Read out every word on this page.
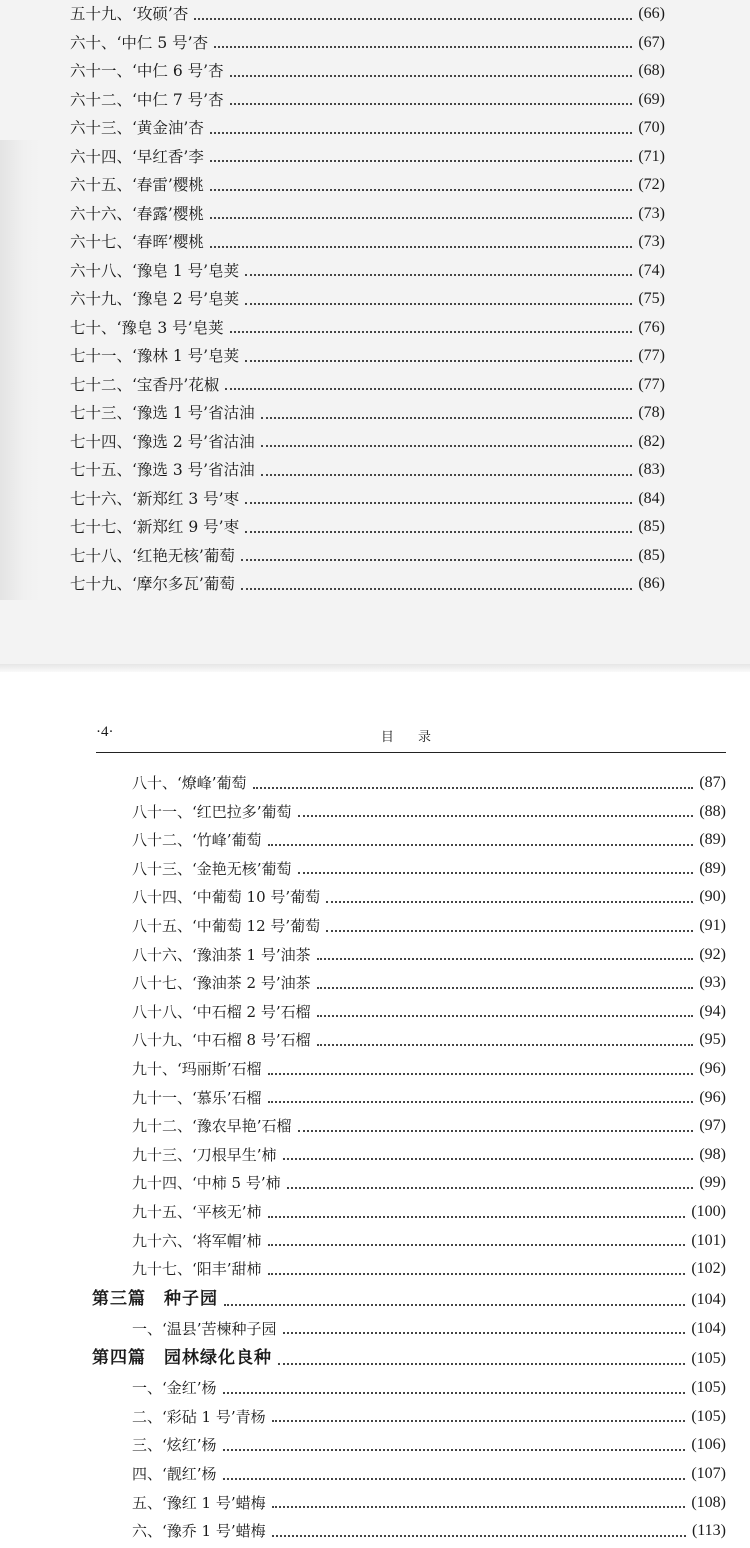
五十九、‘玫硕’杏	(66)
六十、‘中仁 5 号’杏	(67)
六十一、‘中仁 6 号’杏	(68)
六十二、‘中仁 7 号’杏	(69)
六十三、‘黄金油’杏	(70)
六十四、‘早红香’李	(71)
六十五、‘春雷’樱桃	(72)
六十六、‘春露’樱桃	(73)
六十七、‘春晖’樱桃	(73)
六十八、‘豫皂 1 号’皂荚	(74)
六十九、‘豫皂 2 号’皂荚	(75)
七十、‘豫皂 3 号’皂荚	(76)
七十一、‘豫林 1 号’皂荚	(77)
七十二、‘宝香丹’花椒	(77)
七十三、‘豫选 1 号’省沽油	(78)
七十四、‘豫选 2 号’省沽油	(82)
七十五、‘豫选 3 号’省沽油	(83)
七十六、‘新郑红 3 号’枣	(84)
七十七、‘新郑红 9 号’枣	(85)
七十八、‘红艳无核’葡萄	(85)
七十九、‘摩尔多瓦’葡萄	(86)
·4·	目 录
八十、‘燎峰’葡萄	(87)
八十一、‘红巴拉多’葡萄	(88)
八十二、‘竹峰’葡萄	(89)
八十三、‘金艳无核’葡萄	(89)
八十四、‘中葡萄 10 号’葡萄	(90)
八十五、‘中葡萄 12 号’葡萄	(91)
八十六、‘豫油茶 1 号’油茶	(92)
八十七、‘豫油茶 2 号’油茶	(93)
八十八、‘中石榴 2 号’石榴	(94)
八十九、‘中石榴 8 号’石榴	(95)
九十、‘玛丽斯’石榴	(96)
九十一、‘慕乐’石榴	(96)
九十二、‘豫农早艳’石榴	(97)
九十三、‘刀根早生’柿	(98)
九十四、‘中柿 5 号’柿	(99)
九十五、‘平核无’柿	(100)
九十六、‘将军帽’柿	(101)
九十七、‘阳丰’甜柿	(102)
第三篇　种子园	(104)
一、‘温县’苦楝种子园	(104)
第四篇　园林绿化良种	(105)
一、‘金红’杨	(105)
二、‘彩砧 1 号’青杨	(105)
三、‘炫红’杨	(106)
四、‘靓红’杨	(107)
五、‘豫红 1 号’蜡梅	(108)
六、‘豫乔 1 号’蜡梅	(113)
